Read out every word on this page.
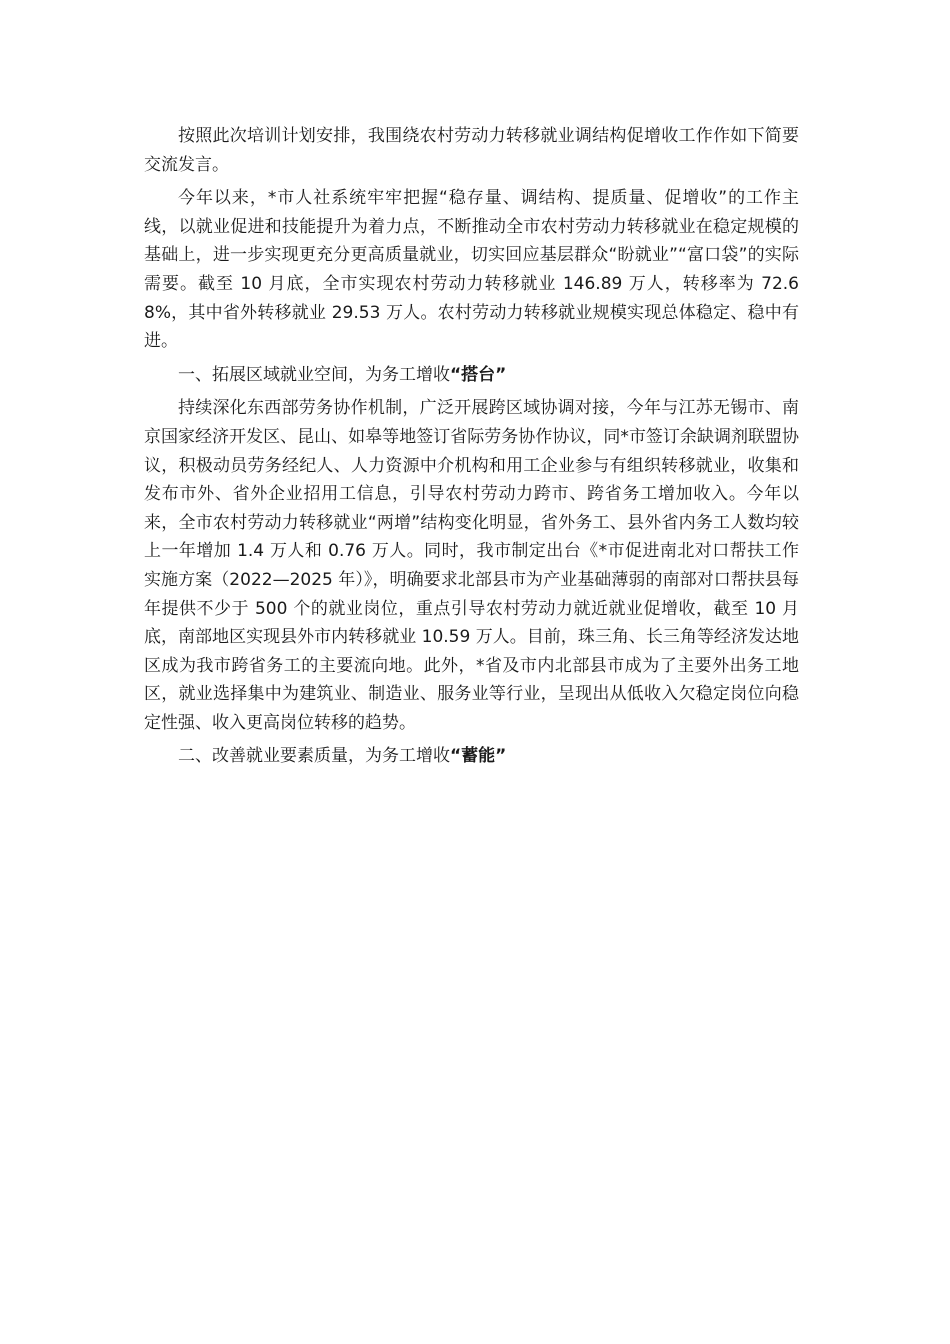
按照此次培训计划安排，我围绕农村劳动力转移就业调结构促增收工作作如下简要交流发言。

今年以来，*市人社系统牢牢把握“稳存量、调结构、提质量、促增收”的工作主线，以就业促进和技能提升为着力点，不断推动全市农村劳动力转移就业在稳定规模的基础上，进一步实现更充分更高质量就业，切实回应基层群众“盼就业”“富口袋”的实际需要。截至 10 月底，全市实现农村劳动力转移就业 146.89 万人，转移率为 72.68%，其中省外转移就业 29.53 万人。农村劳动力转移就业规模实现总体稳定、稳中有进。

一、拓展区域就业空间，为务工增收“搭台”

持续深化东西部劳务协作机制，广泛开展跨区域协调对接，今年与江苏无锡市、南京国家经济开发区、昆山、如皋等地签订省际劳务协作协议，同*市签订余缺调剂联盟协议，积极动员劳务经纪人、人力资源中介机构和用工企业参与有组织转移就业，收集和发布市外、省外企业招用工信息，引导农村劳动力跨市、跨省务工增加收入。今年以来，全市农村劳动力转移就业“两增”结构变化明显，省外务工、县外省内务工人数均较上一年增加 1.4 万人和 0.76 万人。同时，我市制定出台《*市促进南北对口帮扶工作实施方案（2022—2025 年）》，明确要求北部县市为产业基础薄弱的南部对口帮扶县每年提供不少于 500 个的就业岗位，重点引导农村劳动力就近就业促增收，截至 10 月底，南部地区实现县外市内转移就业 10.59 万人。目前，珠三角、长三角等经济发达地区成为我市跨省务工的主要流向地。此外，*省及市内北部县市成为了主要外出务工地区，就业选择集中为建筑业、制造业、服务业等行业，呈现出从低收入欠稳定岗位向稳定性强、收入更高岗位转移的趋势。

二、改善就业要素质量，为务工增收“蓄能”
